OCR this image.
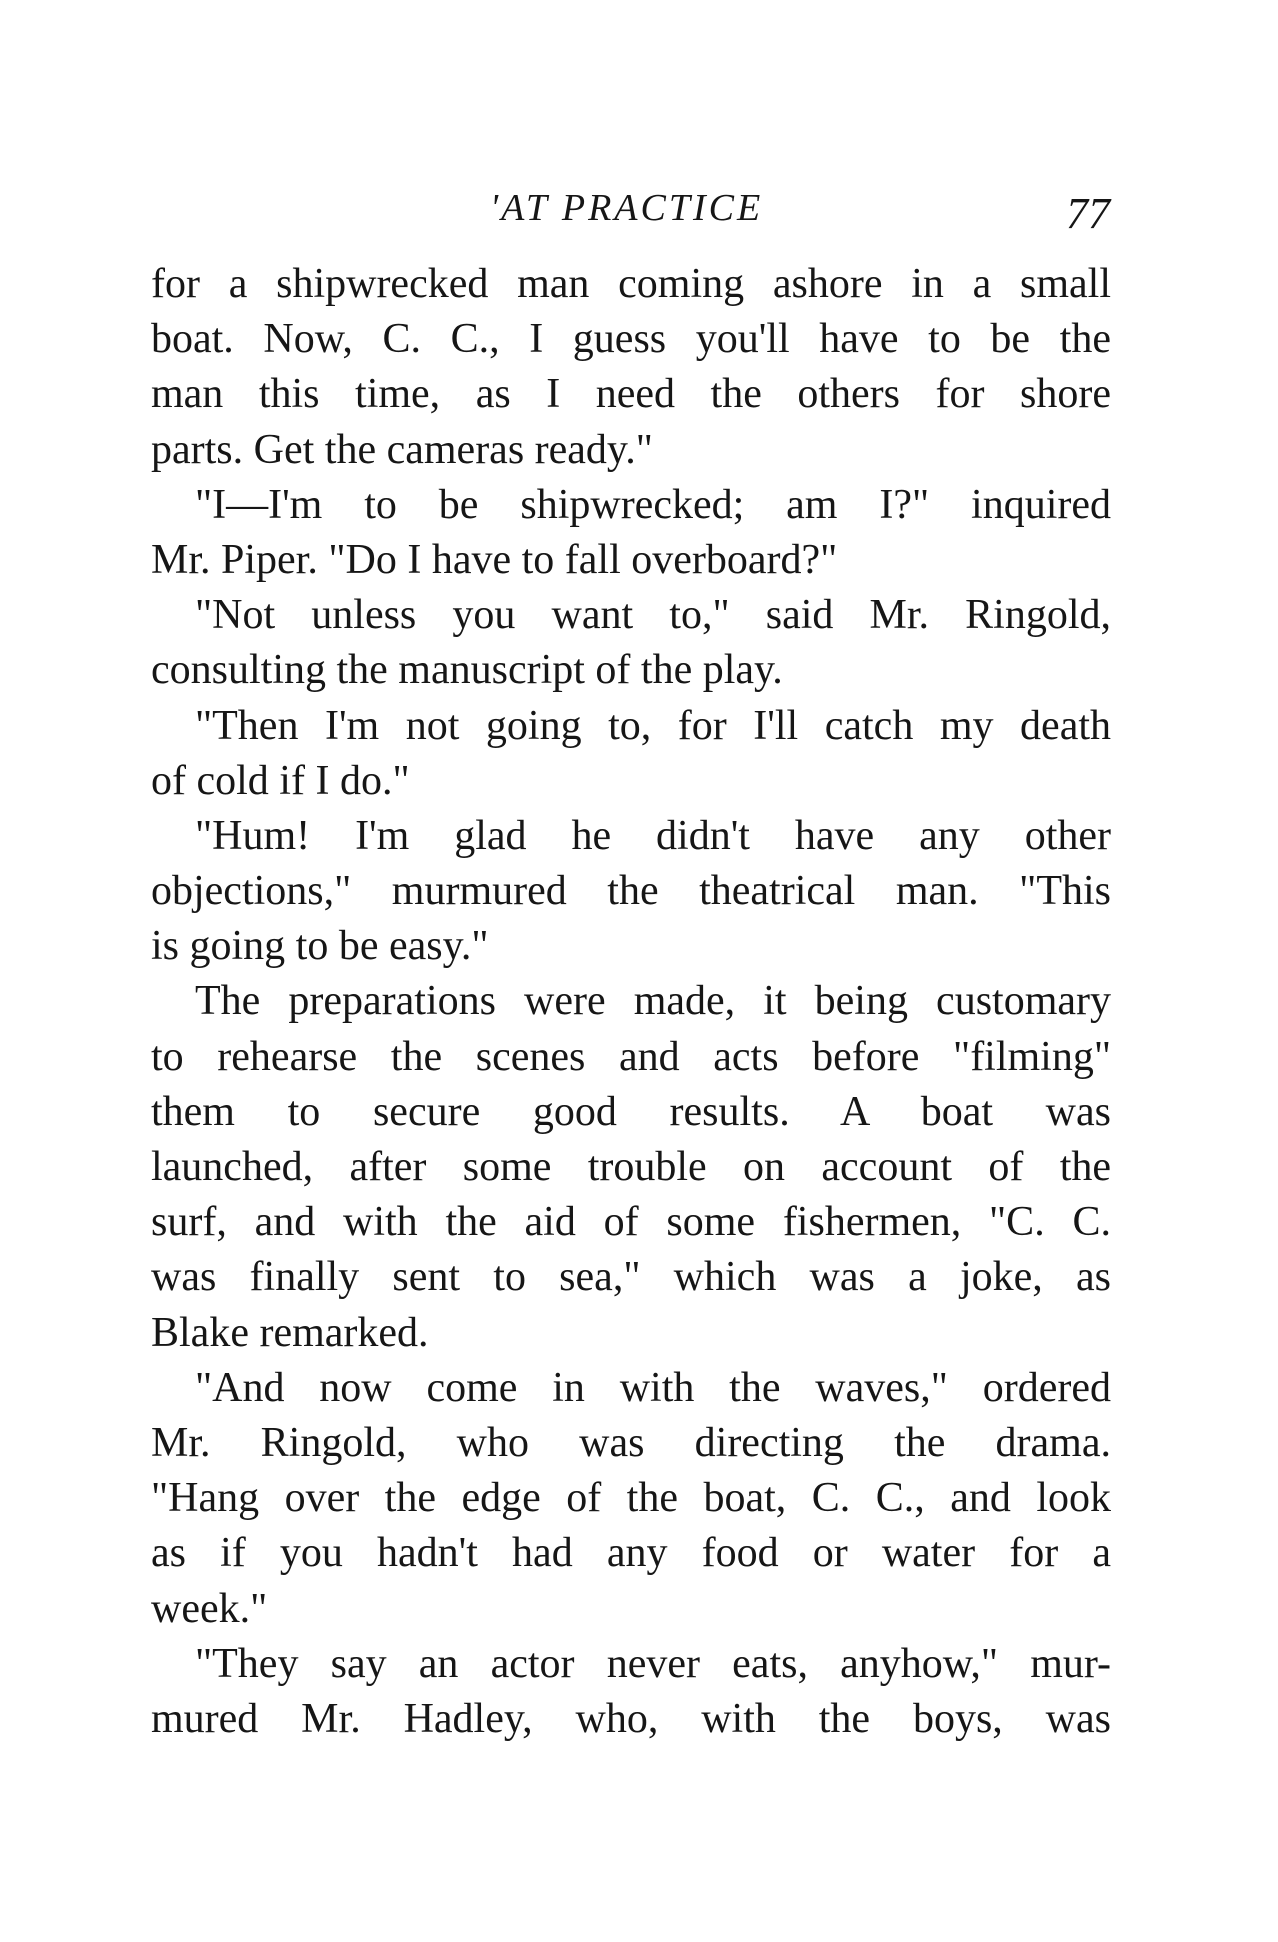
'AT PRACTICE	77
for a shipwrecked man coming ashore in a small
boat. Now, C. C., I guess you'll have to be the
man this time, as I need the others for shore
parts. Get the cameras ready."
"I—I'm to be shipwrecked; am I?" inquired
Mr. Piper. "Do I have to fall overboard?"
"Not unless you want to," said Mr. Ringold,
consulting the manuscript of the play.
"Then I'm not going to, for I'll catch my death
of cold if I do."
"Hum! I'm glad he didn't have any other
objections," murmured the theatrical man. "This
is going to be easy."
The preparations were made, it being customary
to rehearse the scenes and acts before "filming"
them to secure good results. A boat was
launched, after some trouble on account of the
surf, and with the aid of some fishermen, "C. C.
was finally sent to sea," which was a joke, as
Blake remarked.
"And now come in with the waves," ordered
Mr. Ringold, who was directing the drama.
"Hang over the edge of the boat, C. C., and look
as if you hadn't had any food or water for a
week."
"They say an actor never eats, anyhow," mur-
mured Mr. Hadley, who, with the boys, was
